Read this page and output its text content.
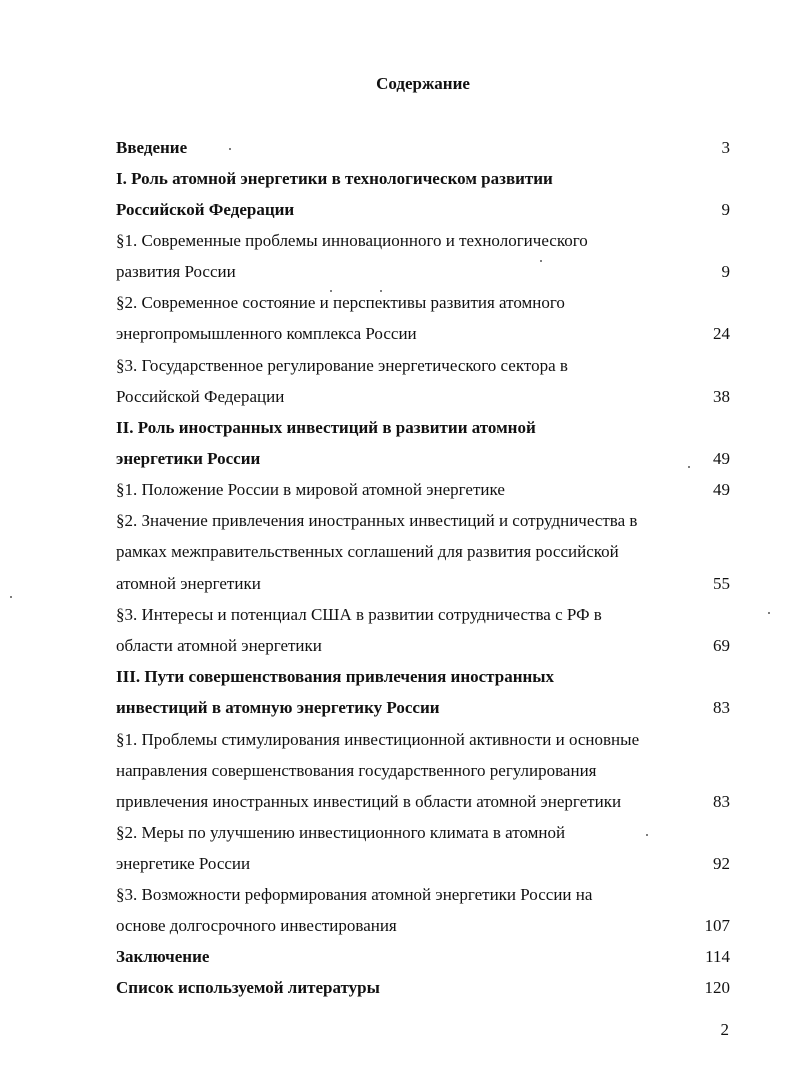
Содержание
Введение	3
I. Роль атомной энергетики в технологическом развитии
Российской Федерации	9
§1. Современные проблемы инновационного и технологического
развития России	9
§2. Современное состояние и перспективы развития атомного
энергопромышленного комплекса России	24
§3. Государственное регулирование энергетического сектора в
Российской Федерации	38
II. Роль иностранных инвестиций в развитии атомной
энергетики России	49
§1. Положение России в мировой атомной энергетике	49
§2. Значение привлечения иностранных инвестиций и сотрудничества в
рамках межправительственных соглашений для развития российской
атомной энергетики	55
§3. Интересы и потенциал США в развитии сотрудничества с РФ в
области атомной энергетики	69
III. Пути совершенствования привлечения иностранных
инвестиций в атомную энергетику России	83
§1. Проблемы стимулирования инвестиционной активности и основные
направления совершенствования государственного регулирования
привлечения иностранных инвестиций в области атомной энергетики	83
§2. Меры по улучшению инвестиционного климата в атомной
энергетике России	92
§3. Возможности реформирования атомной энергетики России на
основе долгосрочного инвестирования	107
Заключение	114
Список используемой литературы	120
2
